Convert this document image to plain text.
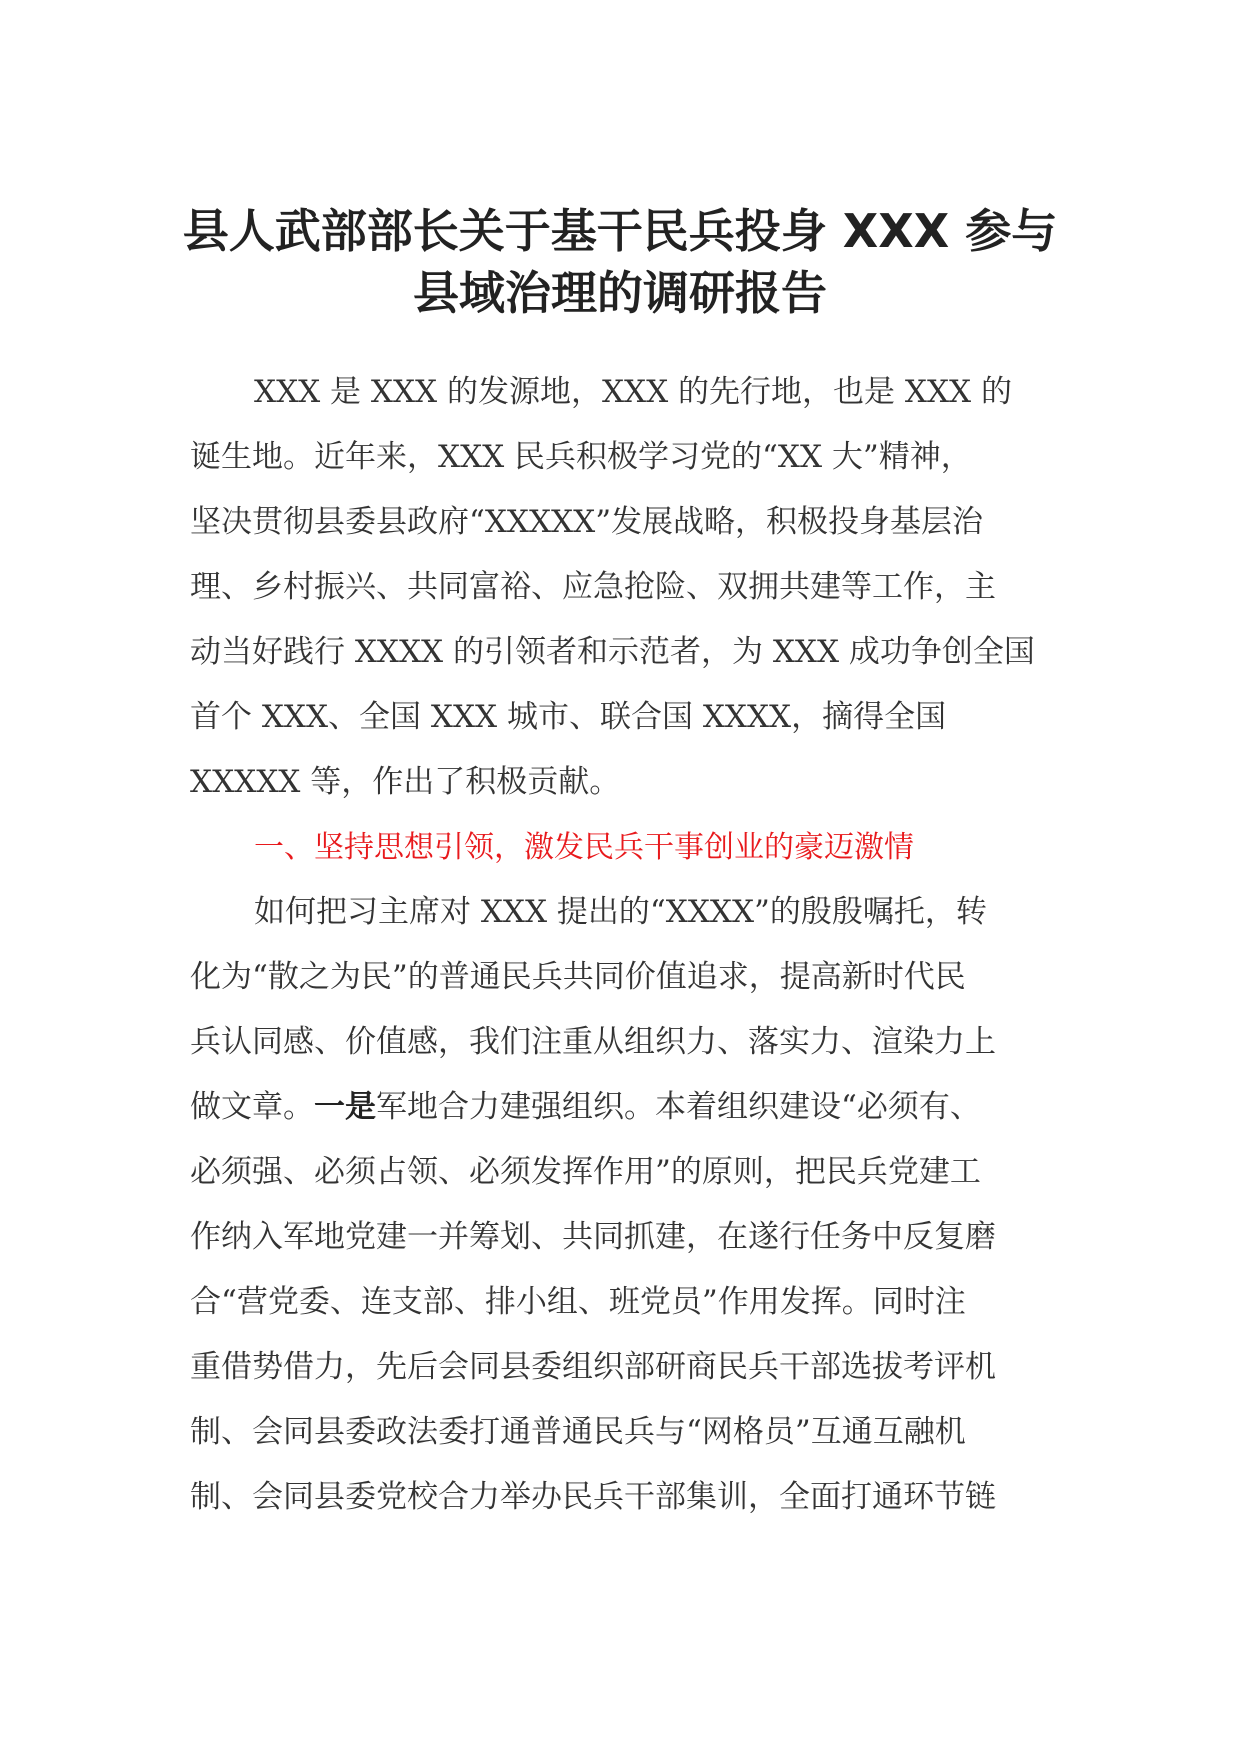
县人武部部长关于基干民兵投身 XXX 参与
县域治理的调研报告
XXX 是 XXX 的发源地，XXX 的先行地，也是 XXX 的
诞生地。近年来，XXX 民兵积极学习党的“XX 大”精神，
坚决贯彻县委县政府“XXXXX”发展战略，积极投身基层治
理、乡村振兴、共同富裕、应急抢险、双拥共建等工作，主
动当好践行 XXXX 的引领者和示范者，为 XXX 成功争创全国
首个 XXX、全国 XXX 城市、联合国 XXXX，摘得全国
XXXXX 等，作出了积极贡献。
一、坚持思想引领，激发民兵干事创业的豪迈激情
如何把习主席对 XXX 提出的“XXXX”的殷殷嘱托，转
化为“散之为民”的普通民兵共同价值追求，提高新时代民
兵认同感、价值感，我们注重从组织力、落实力、渲染力上
做文章。一是军地合力建强组织。本着组织建设“必须有、
必须强、必须占领、必须发挥作用”的原则，把民兵党建工
作纳入军地党建一并筹划、共同抓建，在遂行任务中反复磨
合“营党委、连支部、排小组、班党员”作用发挥。同时注
重借势借力，先后会同县委组织部研商民兵干部选拔考评机
制、会同县委政法委打通普通民兵与“网格员”互通互融机
制、会同县委党校合力举办民兵干部集训，全面打通环节链
